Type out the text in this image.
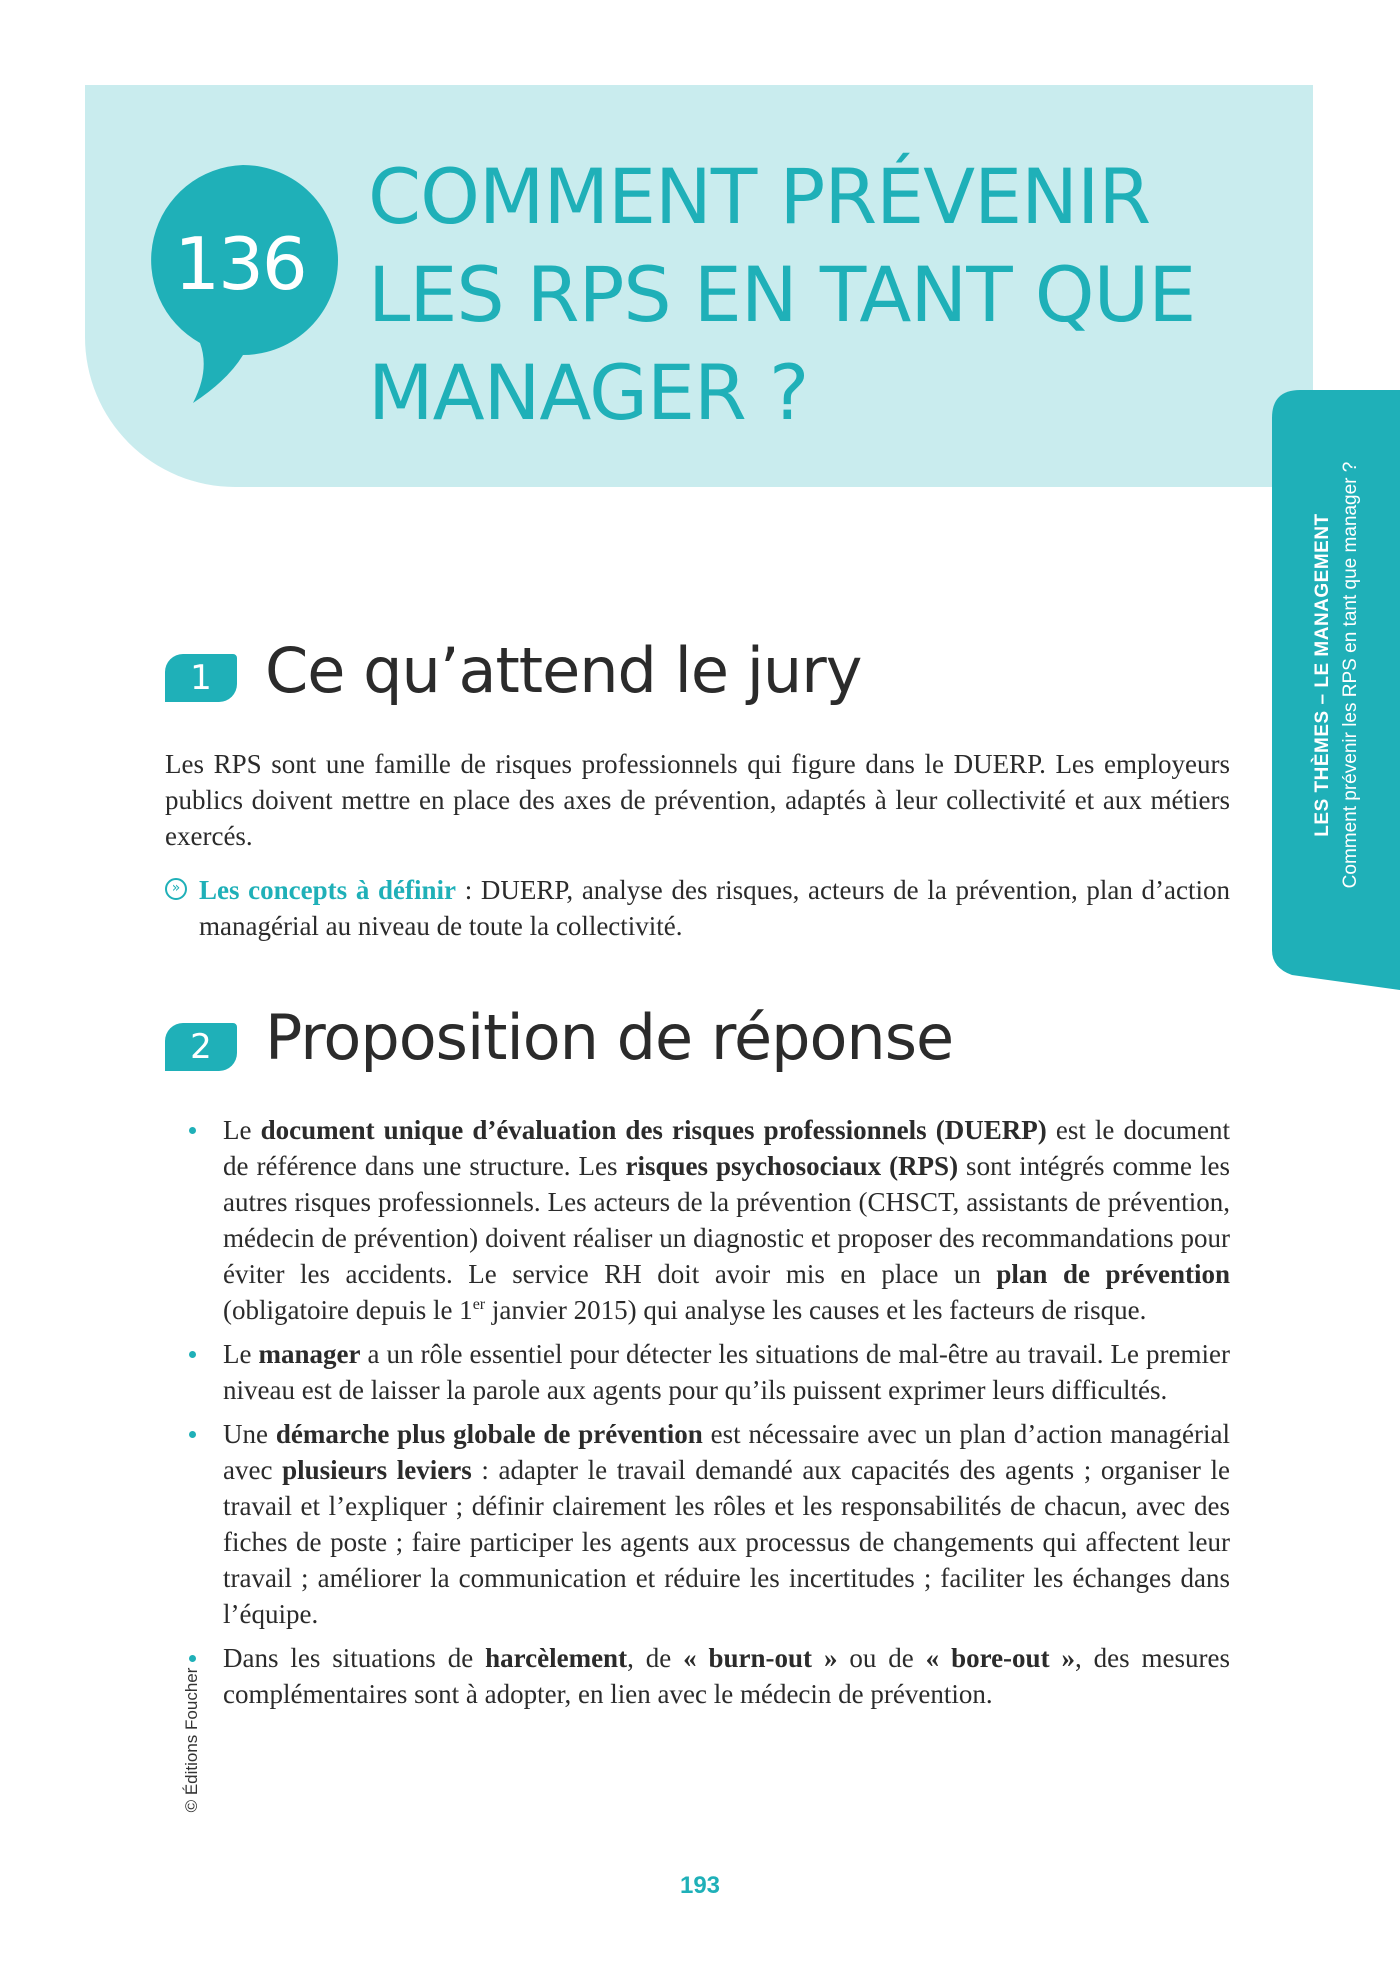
136
COMMENT PRÉVENIR
LES RPS EN TANT QUE
MANAGER ?
LES THÈMES – LE MANAGEMENT Comment prévenir les RPS en tant que manager ?
1 Ce qu’attend le jury

Les RPS sont une famille de risques professionnels qui figure dans le DUERP. Les employeurs publics doivent mettre en place des axes de prévention, adaptés à leur collectivité et aux métiers exercés.

» Les concepts à définir : DUERP, analyse des risques, acteurs de la prévention, plan d’action managérial au niveau de toute la collectivité.
2 Proposition de réponse
Le document unique d’évaluation des risques professionnels (DUERP) est le document de référence dans une structure. Les risques psychosociaux (RPS) sont intégrés comme les autres risques professionnels. Les acteurs de la prévention (CHSCT, assistants de prévention, médecin de prévention) doivent réaliser un diagnostic et proposer des recommandations pour éviter les accidents. Le service RH doit avoir mis en place un plan de prévention (obligatoire depuis le 1er janvier 2015) qui analyse les causes et les facteurs de risque.
Le manager a un rôle essentiel pour détecter les situations de mal-être au travail. Le premier niveau est de laisser la parole aux agents pour qu’ils puissent exprimer leurs difficultés.
Une démarche plus globale de prévention est nécessaire avec un plan d’action managérial avec plusieurs leviers : adapter le travail demandé aux capacités des agents ; organiser le travail et l’expliquer ; définir clairement les rôles et les responsabilités de chacun, avec des fiches de poste ; faire participer les agents aux processus de changements qui affectent leur travail ; améliorer la communication et réduire les incertitudes ; faciliter les échanges dans l’équipe.
Dans les situations de harcèlement, de « burn-out » ou de « bore-out », des mesures complémentaires sont à adopter, en lien avec le médecin de prévention.
© Éditions Foucher
193
